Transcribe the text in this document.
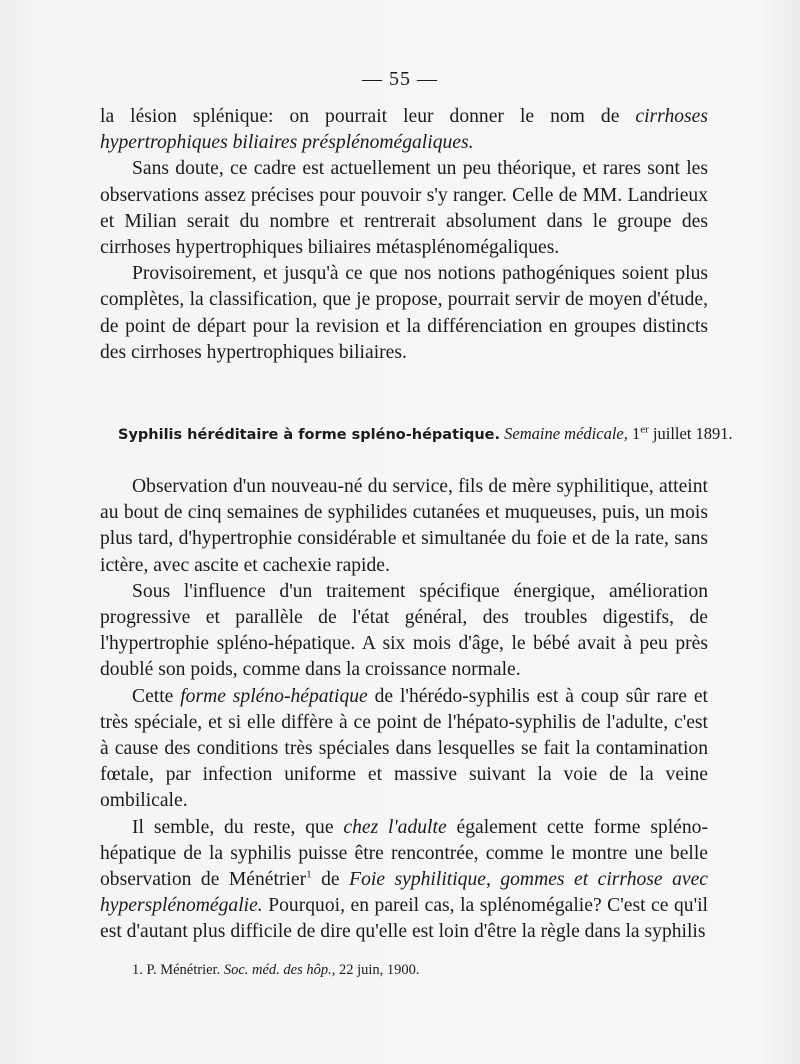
— 55 —

la lésion splénique: on pourrait leur donner le nom de cirrhoses hypertrophiques biliaires présplénomégaliques.

Sans doute, ce cadre est actuellement un peu théorique, et rares sont les observations assez précises pour pouvoir s'y ranger. Celle de MM. Landrieux et Milian serait du nombre et rentrerait absolument dans le groupe des cirrhoses hypertrophiques biliaires métasplénomégaliques.

Provisoirement, et jusqu'à ce que nos notions pathogéniques soient plus complètes, la classification, que je propose, pourrait servir de moyen d'étude, de point de départ pour la revision et la différenciation en groupes distincts des cirrhoses hypertrophiques biliaires.

Syphilis héréditaire à forme spléno-hépatique. Semaine médicale, 1er juillet 1891.

Observation d'un nouveau-né du service, fils de mère syphilitique, atteint au bout de cinq semaines de syphilides cutanées et muqueuses, puis, un mois plus tard, d'hypertrophie considérable et simultanée du foie et de la rate, sans ictère, avec ascite et cachexie rapide.

Sous l'influence d'un traitement spécifique énergique, amélioration progressive et parallèle de l'état général, des troubles digestifs, de l'hypertrophie spléno-hépatique. A six mois d'âge, le bébé avait à peu près doublé son poids, comme dans la croissance normale.

Cette forme spléno-hépatique de l'hérédo-syphilis est à coup sûr rare et très spéciale, et si elle diffère à ce point de l'hépato-syphilis de l'adulte, c'est à cause des conditions très spéciales dans lesquelles se fait la contamination fœtale, par infection uniforme et massive suivant la voie de la veine ombilicale.

Il semble, du reste, que chez l'adulte également cette forme spléno-hépatique de la syphilis puisse être rencontrée, comme le montre une belle observation de Ménétrier$^1$ de Foie syphilitique, gommes et cirrhose avec hypersplénomégalie. Pourquoi, en pareil cas, la splénomégalie? C'est ce qu'il est d'autant plus difficile de dire qu'elle est loin d'être la règle dans la syphilis

1. P. Ménétrier. Soc. méd. des hôp., 22 juin, 1900.
